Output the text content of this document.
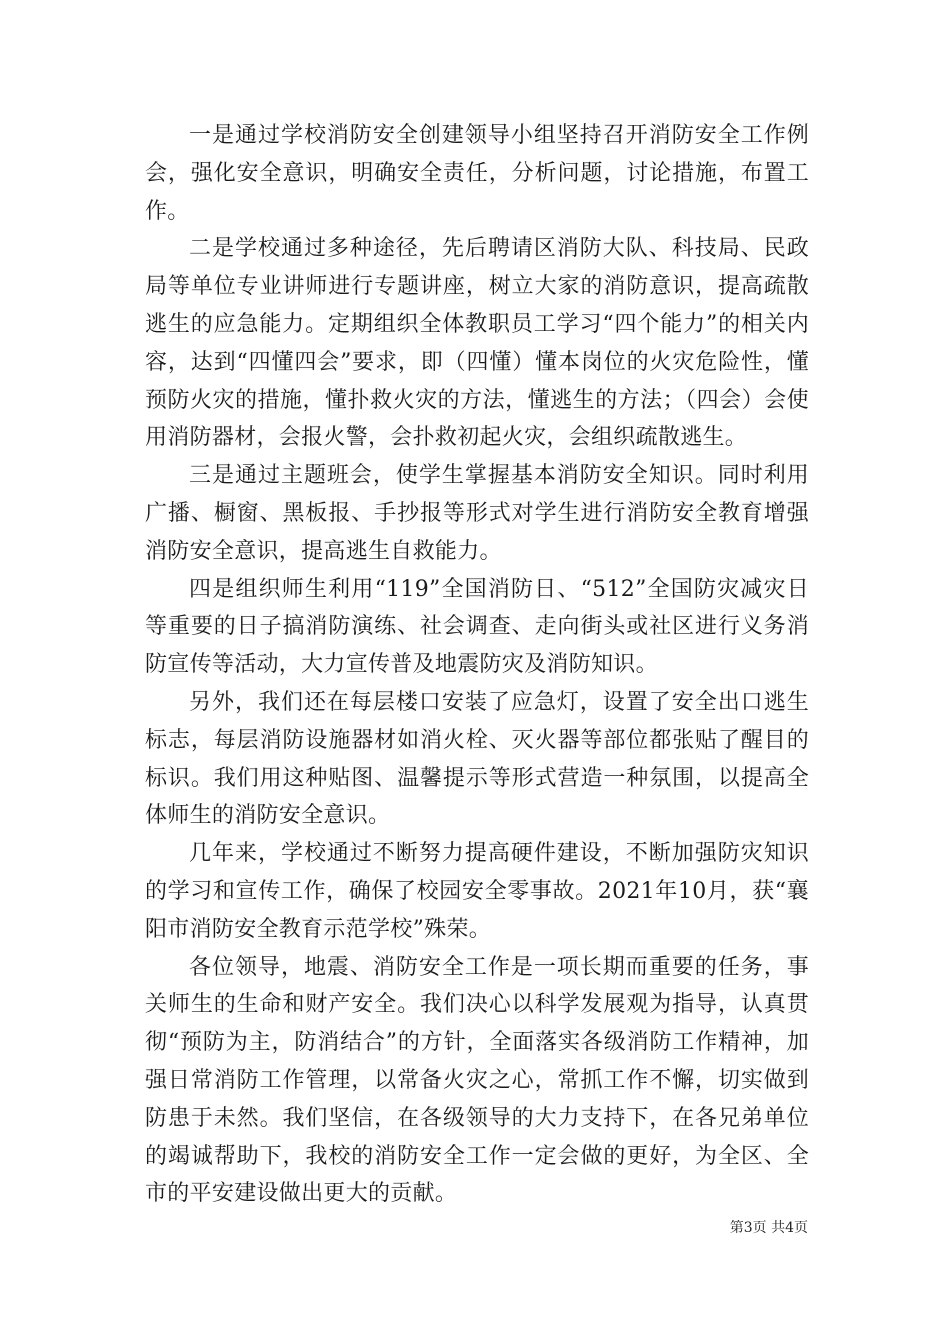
一是通过学校消防安全创建领导小组坚持召开消防安全工作例会，强化安全意识，明确安全责任，分析问题，讨论措施，布置工作。

二是学校通过多种途径，先后聘请区消防大队、科技局、民政局等单位专业讲师进行专题讲座，树立大家的消防意识，提高疏散逃生的应急能力。定期组织全体教职员工学习“四个能力”的相关内容，达到“四懂四会”要求，即（四懂）懂本岗位的火灾危险性，懂预防火灾的措施，懂扑救火灾的方法，懂逃生的方法；（四会）会使用消防器材，会报火警，会扑救初起火灾，会组织疏散逃生。

三是通过主题班会，使学生掌握基本消防安全知识。同时利用广播、橱窗、黑板报、手抄报等形式对学生进行消防安全教育增强消防安全意识，提高逃生自救能力。

四是组织师生利用“119”全国消防日、“512”全国防灾减灾日等重要的日子搞消防演练、社会调查、走向街头或社区进行义务消防宣传等活动，大力宣传普及地震防灾及消防知识。

另外，我们还在每层楼口安装了应急灯，设置了安全出口逃生标志，每层消防设施器材如消火栓、灭火器等部位都张贴了醒目的标识。我们用这种贴图、温馨提示等形式营造一种氛围，以提高全体师生的消防安全意识。

几年来，学校通过不断努力提高硬件建设，不断加强防灾知识的学习和宣传工作，确保了校园安全零事故。2021年10月，获“襄阳市消防安全教育示范学校”殊荣。

各位领导，地震、消防安全工作是一项长期而重要的任务，事关师生的生命和财产安全。我们决心以科学发展观为指导，认真贯彻“预防为主，防消结合”的方针，全面落实各级消防工作精神，加强日常消防工作管理，以常备火灾之心，常抓工作不懈，切实做到防患于未然。我们坚信，在各级领导的大力支持下，在各兄弟单位的竭诚帮助下，我校的消防安全工作一定会做的更好，为全区、全市的平安建设做出更大的贡献。

第3页 共4页
